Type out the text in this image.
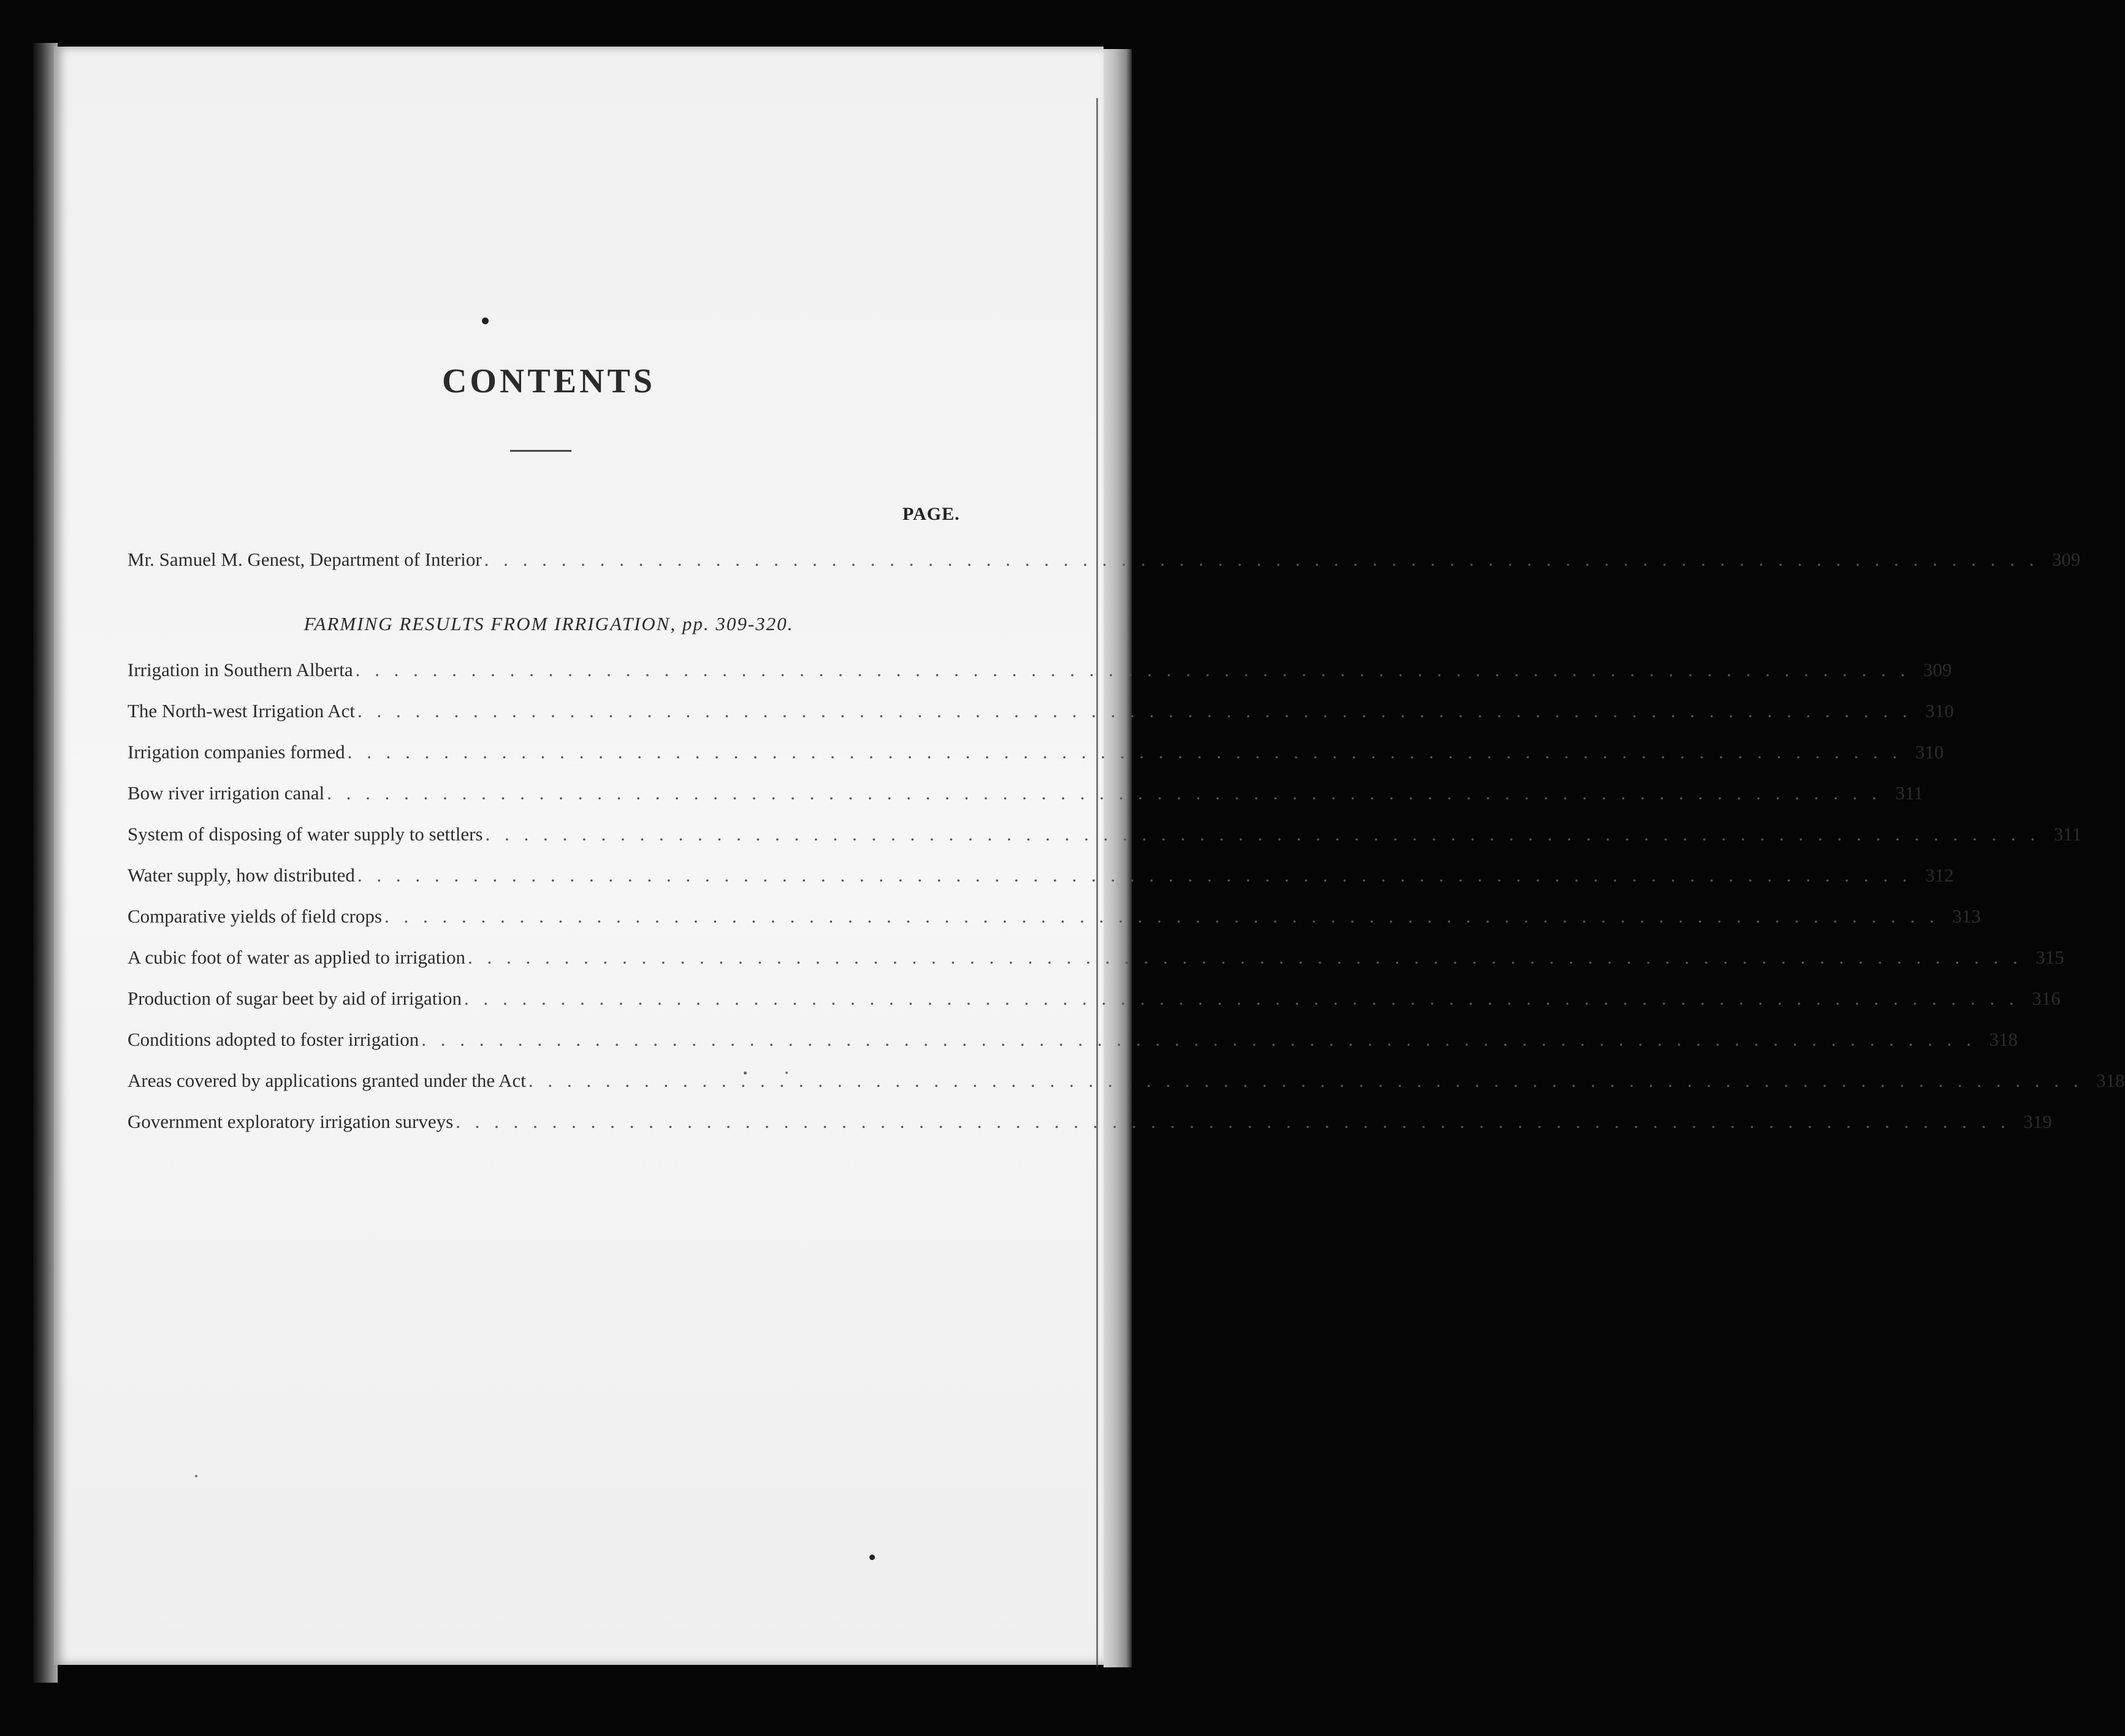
CONTENTS
PAGE.
Mr. Samuel M. Genest, Department of Interior . . . . . . . . . . . . . . . . . . . . . . . . . . . . . . . . . . . . . . . . . . . . . . . . . . . . . . . . . . . . . . . . . . . . . . . . . . . . . . . . . 309
FARMING RESULTS FROM IRRIGATION, pp. 309-320.
Irrigation in Southern Alberta . . . . . . . . . . . . . . . . . . . . . . . . . . . . . . . . . . . . . . . . . . . . . . . . . . . . . . . . . . . . . . . . . . . . . . . . . . . . . . . . . 309
The North-west Irrigation Act . . . . . . . . . . . . . . . . . . . . . . . . . . . . . . . . . . . . . . . . . . . . . . . . . . . . . . . . . . . . . . . . . . . . . . . . . . . . . . . . . 310
Irrigation companies formed . . . . . . . . . . . . . . . . . . . . . . . . . . . . . . . . . . . . . . . . . . . . . . . . . . . . . . . . . . . . . . . . . . . . . . . . . . . . . . . . . 310
Bow river irrigation canal . . . . . . . . . . . . . . . . . . . . . . . . . . . . . . . . . . . . . . . . . . . . . . . . . . . . . . . . . . . . . . . . . . . . . . . . . . . . . . . . . 311
System of disposing of water supply to settlers . . . . . . . . . . . . . . . . . . . . . . . . . . . . . . . . . . . . . . . . . . . . . . . . . . . . . . . . . . . . . . . . . . . . . . . . . . . . . . . . . 311
Water supply, how distributed . . . . . . . . . . . . . . . . . . . . . . . . . . . . . . . . . . . . . . . . . . . . . . . . . . . . . . . . . . . . . . . . . . . . . . . . . . . . . . . . . 312
Comparative yields of field crops . . . . . . . . . . . . . . . . . . . . . . . . . . . . . . . . . . . . . . . . . . . . . . . . . . . . . . . . . . . . . . . . . . . . . . . . . . . . . . . . . 313
A cubic foot of water as applied to irrigation . . . . . . . . . . . . . . . . . . . . . . . . . . . . . . . . . . . . . . . . . . . . . . . . . . . . . . . . . . . . . . . . . . . . . . . . . . . . . . . . . 315
Production of sugar beet by aid of irrigation . . . . . . . . . . . . . . . . . . . . . . . . . . . . . . . . . . . . . . . . . . . . . . . . . . . . . . . . . . . . . . . . . . . . . . . . . . . . . . . . . 316
Conditions adopted to foster irrigation . . . . . . . . . . . . . . . . . . . . . . . . . . . . . . . . . . . . . . . . . . . . . . . . . . . . . . . . . . . . . . . . . . . . . . . . . . . . . . . . . 318
Areas covered by applications granted under the Act . . . . . . . . . . . . . . . . . . . . . . . . . . . . . . . . . . . . . . . . . . . . . . . . . . . . . . . . . . . . . . . . . . . . . . . . . . . . . . . . . 318
Government exploratory irrigation surveys . . . . . . . . . . . . . . . . . . . . . . . . . . . . . . . . . . . . . . . . . . . . . . . . . . . . . . . . . . . . . . . . . . . . . . . . . . . . . . . . . 319
